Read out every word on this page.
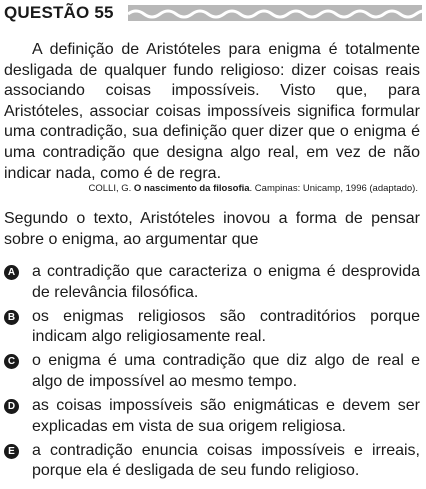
QUESTÃO 55

A definição de Aristóteles para enigma é totalmente desligada de qualquer fundo religioso: dizer coisas reais associando coisas impossíveis. Visto que, para Aristóteles, associar coisas impossíveis significa formular uma contradição, sua definição quer dizer que o enigma é uma contradição que designa algo real, em vez de não indicar nada, como é de regra.

COLLI, G. O nascimento da filosofia. Campinas: Unicamp, 1996 (adaptado).

Segundo o texto, Aristóteles inovou a forma de pensar sobre o enigma, ao argumentar que

A a contradição que caracteriza o enigma é desprovida de relevância filosófica.
B os enigmas religiosos são contraditórios porque indicam algo religiosamente real.
C o enigma é uma contradição que diz algo de real e algo de impossível ao mesmo tempo.
D as coisas impossíveis são enigmáticas e devem ser explicadas em vista de sua origem religiosa.
E a contradição enuncia coisas impossíveis e irreais, porque ela é desligada de seu fundo religioso.
